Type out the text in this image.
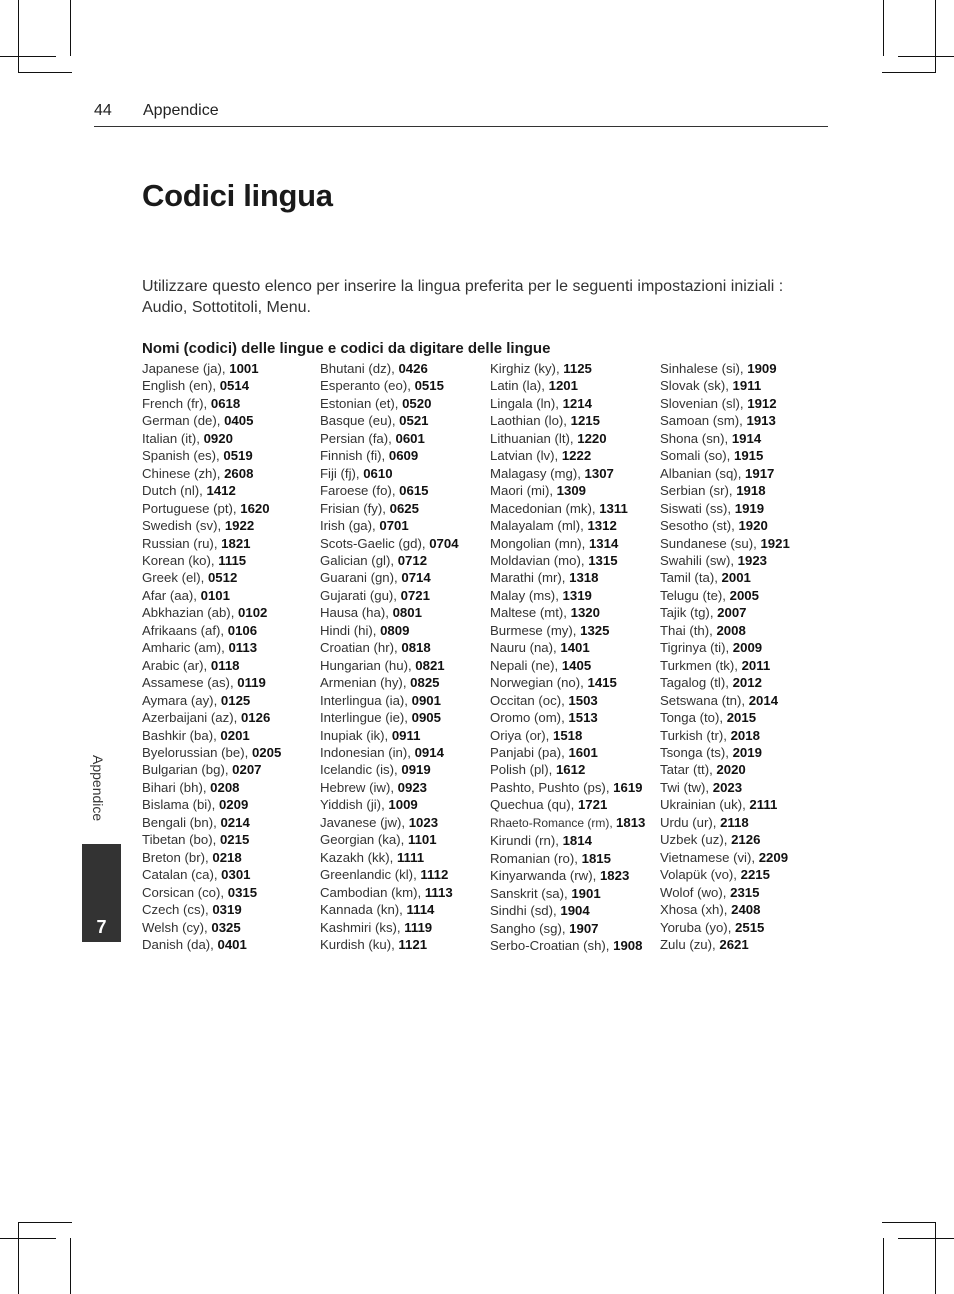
44 Appendice
Codici lingua

Utilizzare questo elenco per inserire la lingua preferita per le seguenti impostazioni iniziali : Audio, Sottotitoli, Menu.

Nomi (codici) delle lingue e codici da digitare delle lingue
Japanese (ja), 1001
English (en), 0514
French (fr), 0618
German (de), 0405
Italian (it), 0920
Spanish (es), 0519
Chinese (zh), 2608
Dutch (nl), 1412
Portuguese (pt), 1620
Swedish (sv), 1922
Russian (ru), 1821
Korean (ko), 1115
Greek (el), 0512
Afar (aa), 0101
Abkhazian (ab), 0102
Afrikaans (af), 0106
Amharic (am), 0113
Arabic (ar), 0118
Assamese (as), 0119
Aymara (ay), 0125
Azerbaijani (az), 0126
Bashkir (ba), 0201
Byelorussian (be), 0205
Bulgarian (bg), 0207
Bihari (bh), 0208
Bislama (bi), 0209
Bengali (bn), 0214
Tibetan (bo), 0215
Breton (br), 0218
Catalan (ca), 0301
Corsican (co), 0315
Czech (cs), 0319
Welsh (cy), 0325
Danish (da), 0401
Bhutani (dz), 0426
Esperanto (eo), 0515
Estonian (et), 0520
Basque (eu), 0521
Persian (fa), 0601
Finnish (fi), 0609
Fiji (fj), 0610
Faroese (fo), 0615
Frisian (fy), 0625
Irish (ga), 0701
Scots-Gaelic (gd), 0704
Galician (gl), 0712
Guarani (gn), 0714
Gujarati (gu), 0721
Hausa (ha), 0801
Hindi (hi), 0809
Croatian (hr), 0818
Hungarian (hu), 0821
Armenian (hy), 0825
Interlingua (ia), 0901
Interlingue (ie), 0905
Inupiak (ik), 0911
Indonesian (in), 0914
Icelandic (is), 0919
Hebrew (iw), 0923
Yiddish (ji), 1009
Javanese (jw), 1023
Georgian (ka), 1101
Kazakh (kk), 1111
Greenlandic (kl), 1112
Cambodian (km), 1113
Kannada (kn), 1114
Kashmiri (ks), 1119
Kurdish (ku), 1121
Kirghiz (ky), 1125
Latin (la), 1201
Lingala (ln), 1214
Laothian (lo), 1215
Lithuanian (lt), 1220
Latvian (lv), 1222
Malagasy (mg), 1307
Maori (mi), 1309
Macedonian (mk), 1311
Malayalam (ml), 1312
Mongolian (mn), 1314
Moldavian (mo), 1315
Marathi (mr), 1318
Malay (ms), 1319
Maltese (mt), 1320
Burmese (my), 1325
Nauru (na), 1401
Nepali (ne), 1405
Norwegian (no), 1415
Occitan (oc), 1503
Oromo (om), 1513
Oriya (or), 1518
Panjabi (pa), 1601
Polish (pl), 1612
Pashto, Pushto (ps), 1619
Quechua (qu), 1721
Rhaeto-Romance (rm), 1813
Kirundi (rn), 1814
Romanian (ro), 1815
Kinyarwanda (rw), 1823
Sanskrit (sa), 1901
Sindhi (sd), 1904
Sangho (sg), 1907
Serbo-Croatian (sh), 1908
Sinhalese (si), 1909
Slovak (sk), 1911
Slovenian (sl), 1912
Samoan (sm), 1913
Shona (sn), 1914
Somali (so), 1915
Albanian (sq), 1917
Serbian (sr), 1918
Siswati (ss), 1919
Sesotho (st), 1920
Sundanese (su), 1921
Swahili (sw), 1923
Tamil (ta), 2001
Telugu (te), 2005
Tajik (tg), 2007
Thai (th), 2008
Tigrinya (ti), 2009
Turkmen (tk), 2011
Tagalog (tl), 2012
Setswana (tn), 2014
Tonga (to), 2015
Turkish (tr), 2018
Tsonga (ts), 2019
Tatar (tt), 2020
Twi (tw), 2023
Ukrainian (uk), 2111
Urdu (ur), 2118
Uzbek (uz), 2126
Vietnamese (vi), 2209
Volapük (vo), 2215
Wolof (wo), 2315
Xhosa (xh), 2408
Yoruba (yo), 2515
Zulu (zu), 2621
Appendice
7
